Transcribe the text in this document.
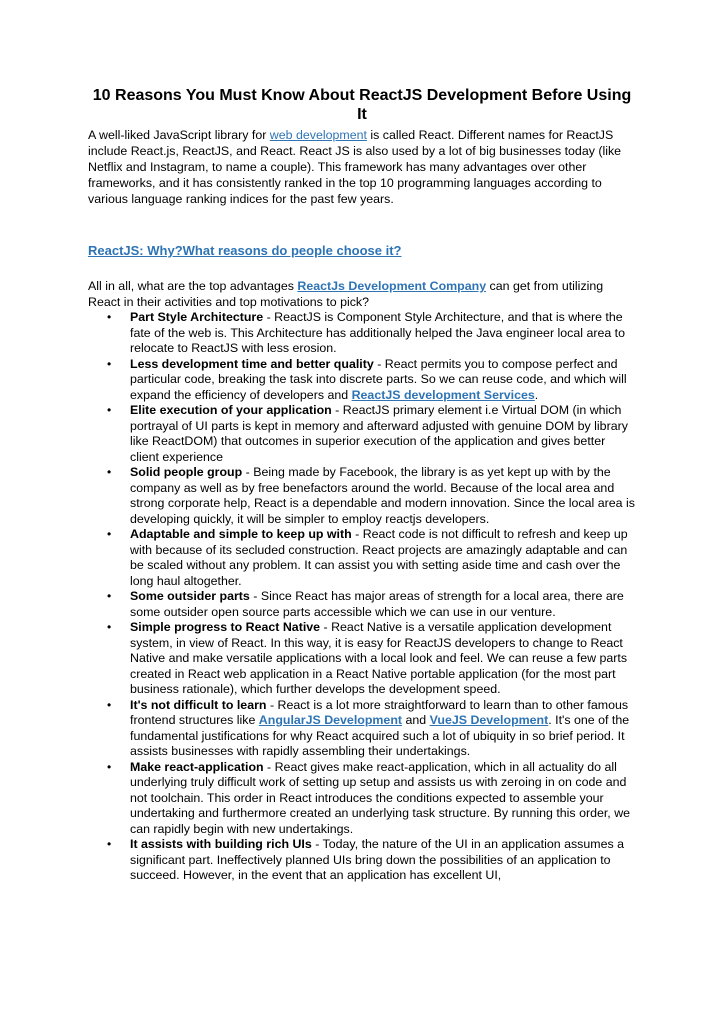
10 Reasons You Must Know About ReactJS Development Before Using It

A well-liked JavaScript library for web development is called React. Different names for ReactJS include React.js, ReactJS, and React. React JS is also used by a lot of big businesses today (like Netflix and Instagram, to name a couple). This framework has many advantages over other frameworks, and it has consistently ranked in the top 10 programming languages according to various language ranking indices for the past few years.

ReactJS: Why?What reasons do people choose it?

All in all, what are the top advantages ReactJs Development Company can get from utilizing React in their activities and top motivations to pick?

• Part Style Architecture - ReactJS is Component Style Architecture, and that is where the fate of the web is. This Architecture has additionally helped the Java engineer local area to relocate to ReactJS with less erosion.
• Less development time and better quality - React permits you to compose perfect and particular code, breaking the task into discrete parts. So we can reuse code, and which will expand the efficiency of developers and ReactJS development Services.
• Elite execution of your application - ReactJS primary element i.e Virtual DOM (in which portrayal of UI parts is kept in memory and afterward adjusted with genuine DOM by library like ReactDOM) that outcomes in superior execution of the application and gives better client experience
• Solid people group - Being made by Facebook, the library is as yet kept up with by the company as well as by free benefactors around the world. Because of the local area and strong corporate help, React is a dependable and modern innovation. Since the local area is developing quickly, it will be simpler to employ reactjs developers.
• Adaptable and simple to keep up with - React code is not difficult to refresh and keep up with because of its secluded construction. React projects are amazingly adaptable and can be scaled without any problem. It can assist you with setting aside time and cash over the long haul altogether.
• Some outsider parts - Since React has major areas of strength for a local area, there are some outsider open source parts accessible which we can use in our venture.
• Simple progress to React Native - React Native is a versatile application development system, in view of React. In this way, it is easy for ReactJS developers to change to React Native and make versatile applications with a local look and feel. We can reuse a few parts created in React web application in a React Native portable application (for the most part business rationale), which further develops the development speed.
• It's not difficult to learn - React is a lot more straightforward to learn than to other famous frontend structures like AngularJS Development and VueJS Development. It's one of the fundamental justifications for why React acquired such a lot of ubiquity in so brief period. It assists businesses with rapidly assembling their undertakings.
• Make react-application - React gives make react-application, which in all actuality do all underlying truly difficult work of setting up setup and assists us with zeroing in on code and not toolchain. This order in React introduces the conditions expected to assemble your undertaking and furthermore created an underlying task structure. By running this order, we can rapidly begin with new undertakings.
• It assists with building rich UIs - Today, the nature of the UI in an application assumes a significant part. Ineffectively planned UIs bring down the possibilities of an application to succeed. However, in the event that an application has excellent UI,
